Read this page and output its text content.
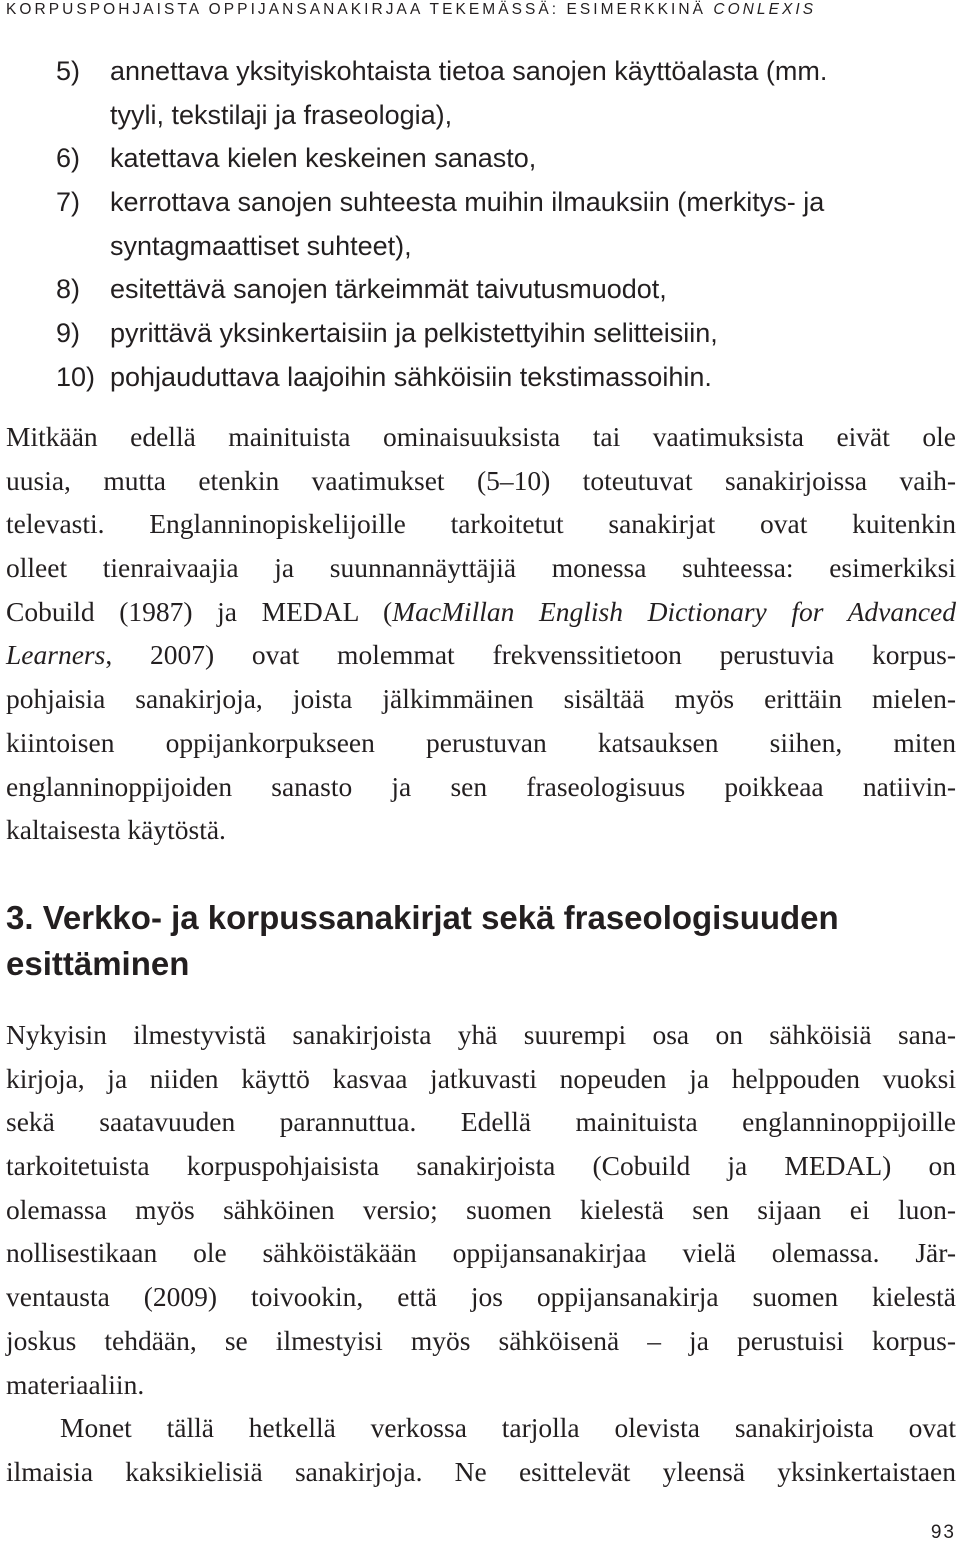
KORPUSPOHJAISTA OPPIJANSANAKIRJAA TEKEMÄSSÄ: ESIMERKKINÄ CONLEXIS
5) annettava yksityiskohtaista tietoa sanojen käyttöalasta (mm.
tyyli, tekstilaji ja fraseologia),
6) katettava kielen keskeinen sanasto,
7) kerrottava sanojen suhteesta muihin ilmauksiin (merkitys- ja
syntagmaattiset suhteet),
8) esitettävä sanojen tärkeimmät taivutusmuodot,
9) pyrittävä yksinkertaisiin ja pelkistettyihin selitteisiin,
10) pohjauduttava laajoihin sähköisiin tekstimassoihin.
Mitkään edellä mainituista ominaisuuksista tai vaatimuksista eivät ole
uusia, mutta etenkin vaatimukset (5–10) toteutuvat sanakirjoissa vaih-
televasti. Englanninopiskelijoille tarkoitetut sanakirjat ovat kuitenkin
olleet tienraivaajia ja suunnannäyttäjiä monessa suhteessa: esimerkiksi
Cobuild (1987) ja MEDAL (MacMillan English Dictionary for Advanced
Learners, 2007) ovat molemmat frekvenssitietoon perustuvia korpus-
pohjaisia sanakirjoja, joista jälkimmäinen sisältää myös erittäin mielen-
kiintoisen oppijankorpukseen perustuvan katsauksen siihen, miten
englanninoppijoiden sanasto ja sen fraseologisuus poikkeaa natiivin-
kaltaisesta käytöstä.
3. Verkko- ja korpussanakirjat sekä fraseologisuuden
esittäminen
Nykyisin ilmestyvistä sanakirjoista yhä suurempi osa on sähköisiä sana-
kirjoja, ja niiden käyttö kasvaa jatkuvasti nopeuden ja helppouden vuoksi
sekä saatavuuden parannuttua. Edellä mainituista englanninoppijoille
tarkoitetuista korpuspohjaisista sanakirjoista (Cobuild ja MEDAL) on
olemassa myös sähköinen versio; suomen kielestä sen sijaan ei luon-
nollisestikaan ole sähköistäkään oppijansanakirjaa vielä olemassa. Jär-
ventausta (2009) toivookin, että jos oppijansanakirja suomen kielestä
joskus tehdään, se ilmestyisi myös sähköisenä – ja perustuisi korpus-
materiaaliin.
Monet tällä hetkellä verkossa tarjolla olevista sanakirjoista ovat
ilmaisia kaksikielisiä sanakirjoja. Ne esittelevät yleensä yksinkertaistaen
93
